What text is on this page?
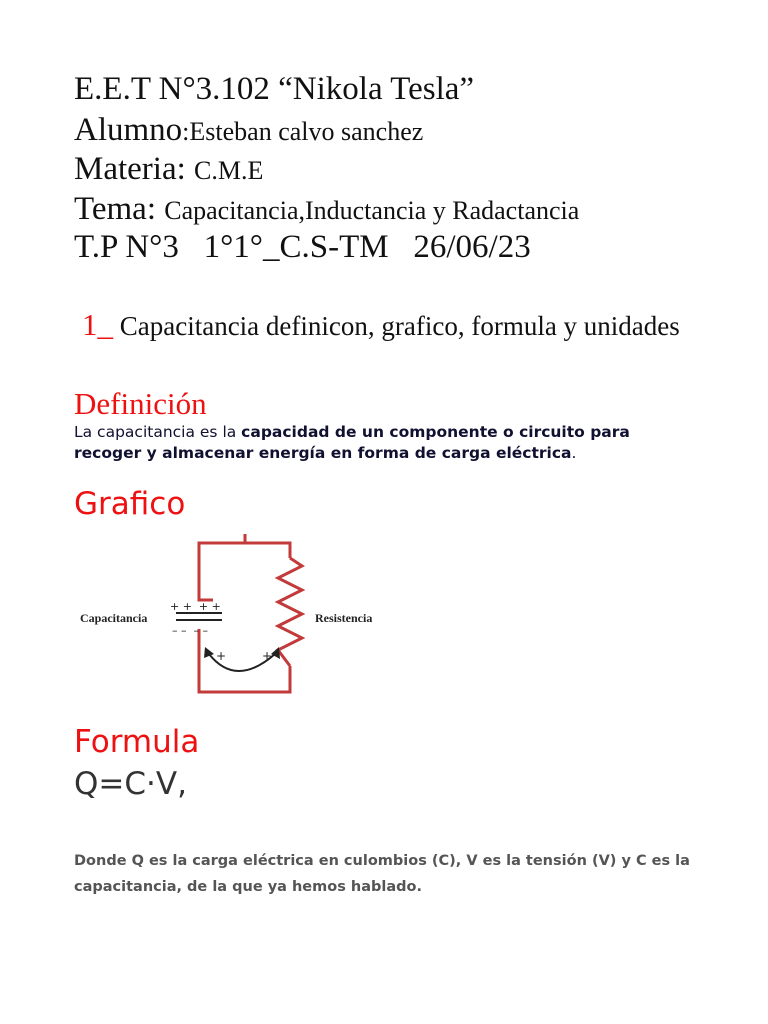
E.E.T N°3.102 “Nikola Tesla”
Alumno:Esteban calvo sanchez
Materia: C.M.E
Tema: Capacitancia,Inductancia y Radactancia
T.P N°3   1°1°_C.S-TM   26/06/23
1_ Capacitancia definicon, grafico, formula y unidades
Definición
La capacitancia es la capacidad de un componente o circuito para recoger y almacenar energía en forma de carga eléctrica.
Grafico
+ +  + +
– –  – –
Capacitancia	Resistencia
+	+
Formula
Q=C·V,
Donde Q es la carga eléctrica en culombios (C), V es la tensión (V) y C es la capacitancia, de la que ya hemos hablado.
